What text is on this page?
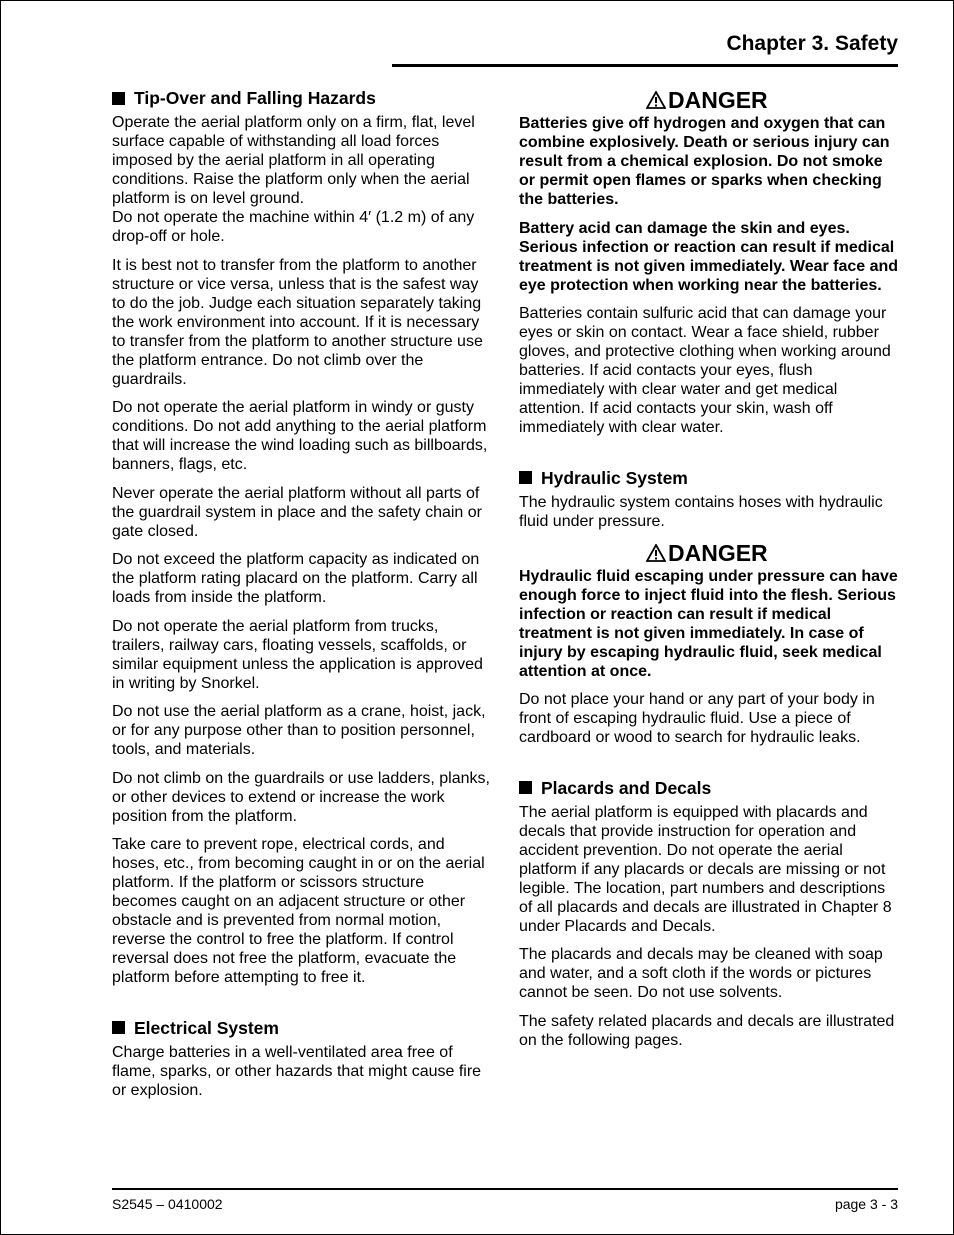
Chapter 3. Safety
Tip-Over and Falling Hazards

Operate the aerial platform only on a firm, flat, level surface capable of withstanding all load forces imposed by the aerial platform in all operating conditions. Raise the platform only when the aerial platform is on level ground.

Do not operate the machine within 4′ (1.2 m) of any drop-off or hole.

It is best not to transfer from the platform to another structure or vice versa, unless that is the safest way to do the job. Judge each situation separately taking the work environment into account. If it is necessary to transfer from the platform to another structure use the platform entrance. Do not climb over the guardrails.

Do not operate the aerial platform in windy or gusty conditions. Do not add anything to the aerial platform that will increase the wind loading such as billboards, banners, flags, etc.

Never operate the aerial platform without all parts of the guardrail system in place and the safety chain or gate closed.

Do not exceed the platform capacity as indicated on the platform rating placard on the platform. Carry all loads from inside the platform.

Do not operate the aerial platform from trucks, trailers, railway cars, floating vessels, scaffolds, or similar equipment unless the application is approved in writing by Snorkel.

Do not use the aerial platform as a crane, hoist, jack, or for any purpose other than to position personnel, tools, and materials.

Do not climb on the guardrails or use ladders, planks, or other devices to extend or increase the work position from the platform.

Take care to prevent rope, electrical cords, and hoses, etc., from becoming caught in or on the aerial platform. If the platform or scissors structure becomes caught on an adjacent structure or other obstacle and is prevented from normal motion, reverse the control to free the platform. If control reversal does not free the platform, evacuate the platform before attempting to free it.

Electrical System

Charge batteries in a well-ventilated area free of flame, sparks, or other hazards that might cause fire or explosion.

DANGER

Batteries give off hydrogen and oxygen that can combine explosively. Death or serious injury can result from a chemical explosion. Do not smoke or permit open flames or sparks when checking the batteries.

Battery acid can damage the skin and eyes. Serious infection or reaction can result if medical treatment is not given immediately. Wear face and eye protection when working near the batteries.

Batteries contain sulfuric acid that can damage your eyes or skin on contact. Wear a face shield, rubber gloves, and protective clothing when working around batteries. If acid contacts your eyes, flush immediately with clear water and get medical attention. If acid contacts your skin, wash off immediately with clear water.

Hydraulic System

The hydraulic system contains hoses with hydraulic fluid under pressure.

DANGER

Hydraulic fluid escaping under pressure can have enough force to inject fluid into the flesh. Serious infection or reaction can result if medical treatment is not given immediately. In case of injury by escaping hydraulic fluid, seek medical attention at once.

Do not place your hand or any part of your body in front of escaping hydraulic fluid. Use a piece of cardboard or wood to search for hydraulic leaks.

Placards and Decals

The aerial platform is equipped with placards and decals that provide instruction for operation and accident prevention. Do not operate the aerial platform if any placards or decals are missing or not legible. The location, part numbers and descriptions of all placards and decals are illustrated in Chapter 8 under Placards and Decals.

The placards and decals may be cleaned with soap and water, and a soft cloth if the words or pictures cannot be seen. Do not use solvents.

The safety related placards and decals are illustrated on the following pages.

S2545 – 0410002	page 3 - 3
